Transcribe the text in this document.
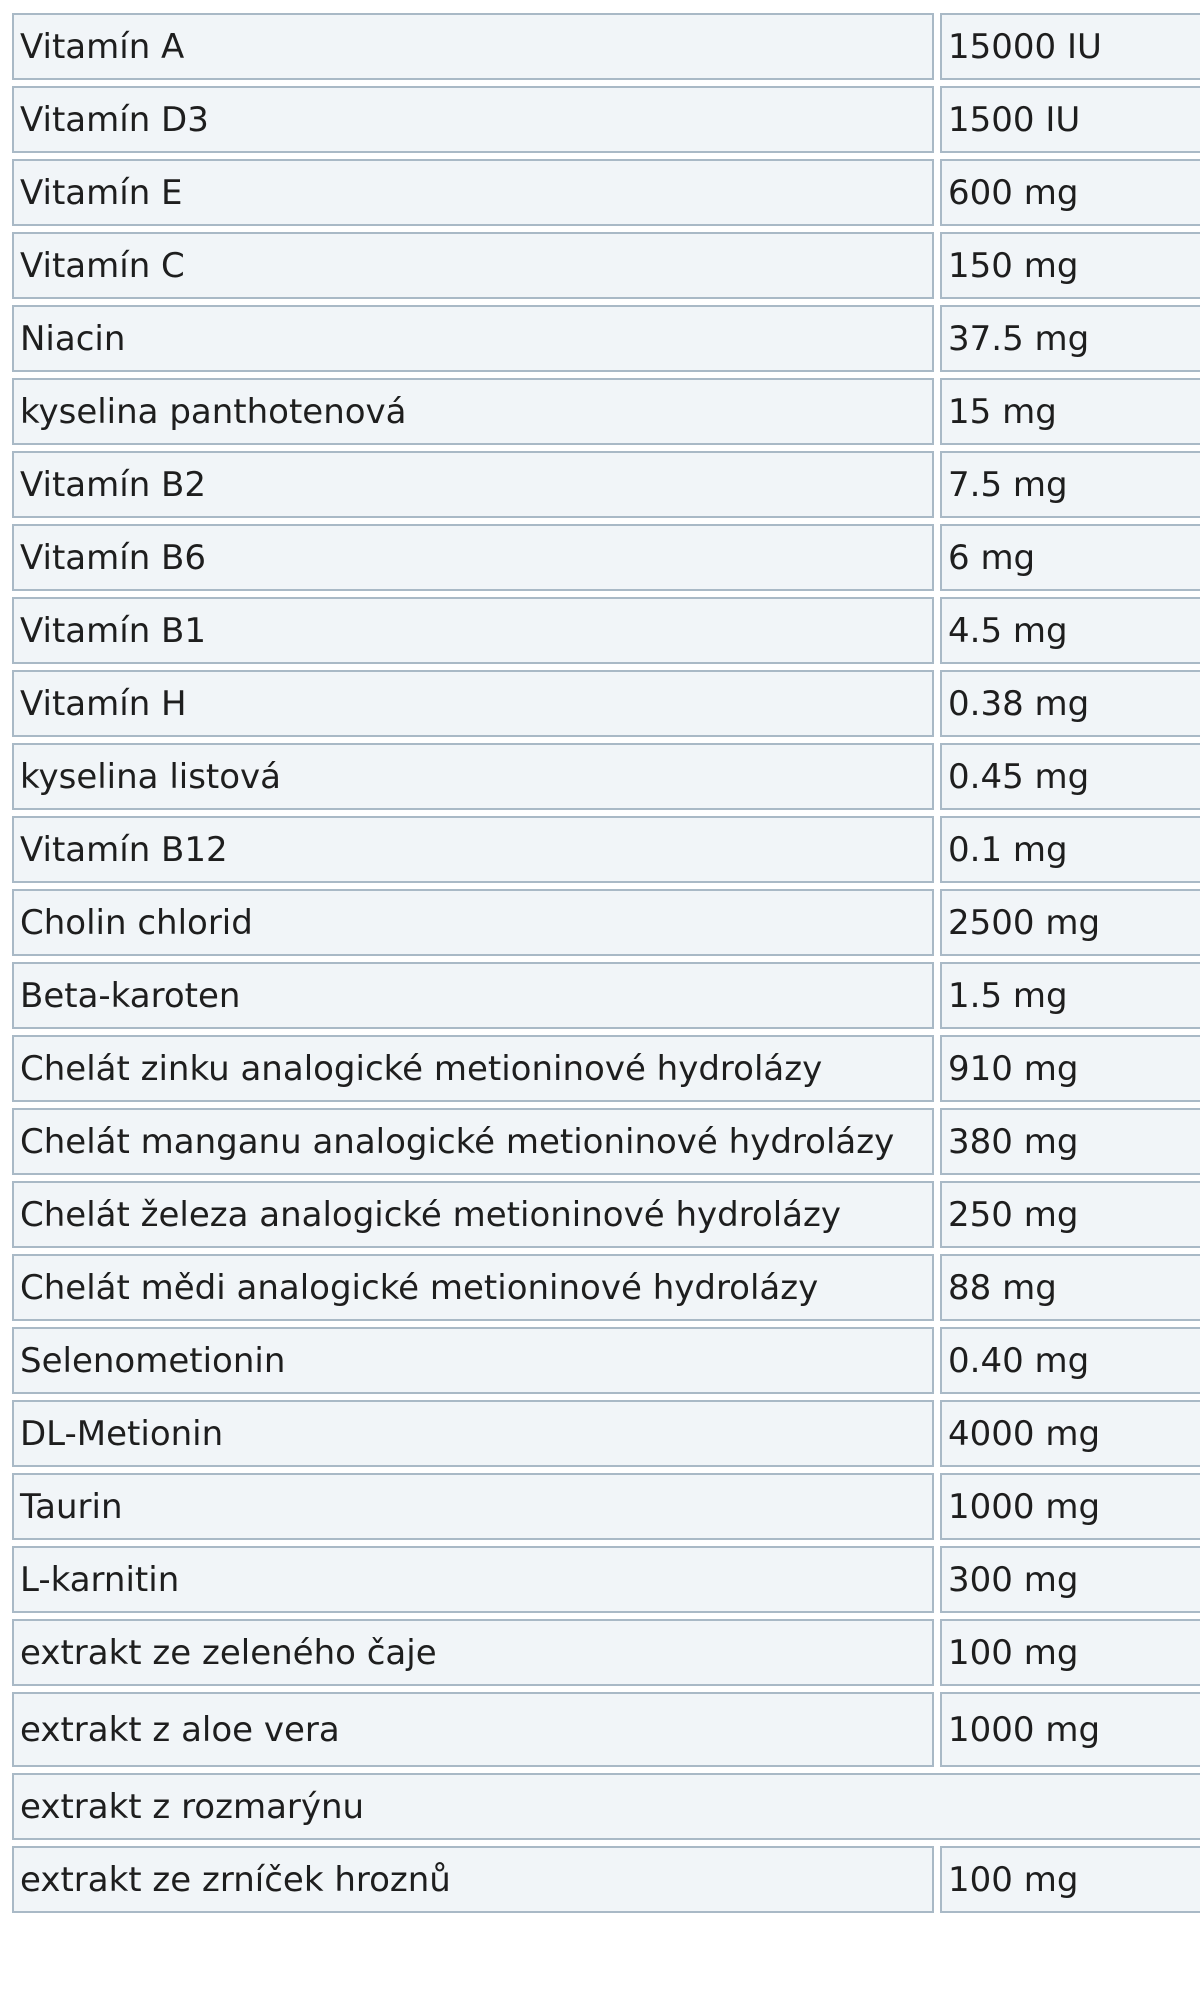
Vitamín A	15000 IU
Vitamín D3	1500 IU
Vitamín E	600 mg
Vitamín C	150 mg
Niacin	37.5 mg
kyselina panthotenová	15 mg
Vitamín B2	7.5 mg
Vitamín B6	6 mg
Vitamín B1	4.5 mg
Vitamín H	0.38 mg
kyselina listová	0.45 mg
Vitamín B12	0.1 mg
Cholin chlorid	2500 mg
Beta-karoten	1.5 mg
Chelát zinku analogické metioninové hydrolázy	910 mg
Chelát manganu analogické metioninové hydrolázy	380 mg
Chelát železa analogické metioninové hydrolázy	250 mg
Chelát mědi analogické metioninové hydrolázy	88 mg
Selenometionin	0.40 mg
DL-Metionin	4000 mg
Taurin	1000 mg
L-karnitin	300 mg
extrakt ze zeleného čaje	100 mg
extrakt z aloe vera	1000 mg
extrakt z rozmarýnu	
extrakt ze zrníček hroznů	100 mg
